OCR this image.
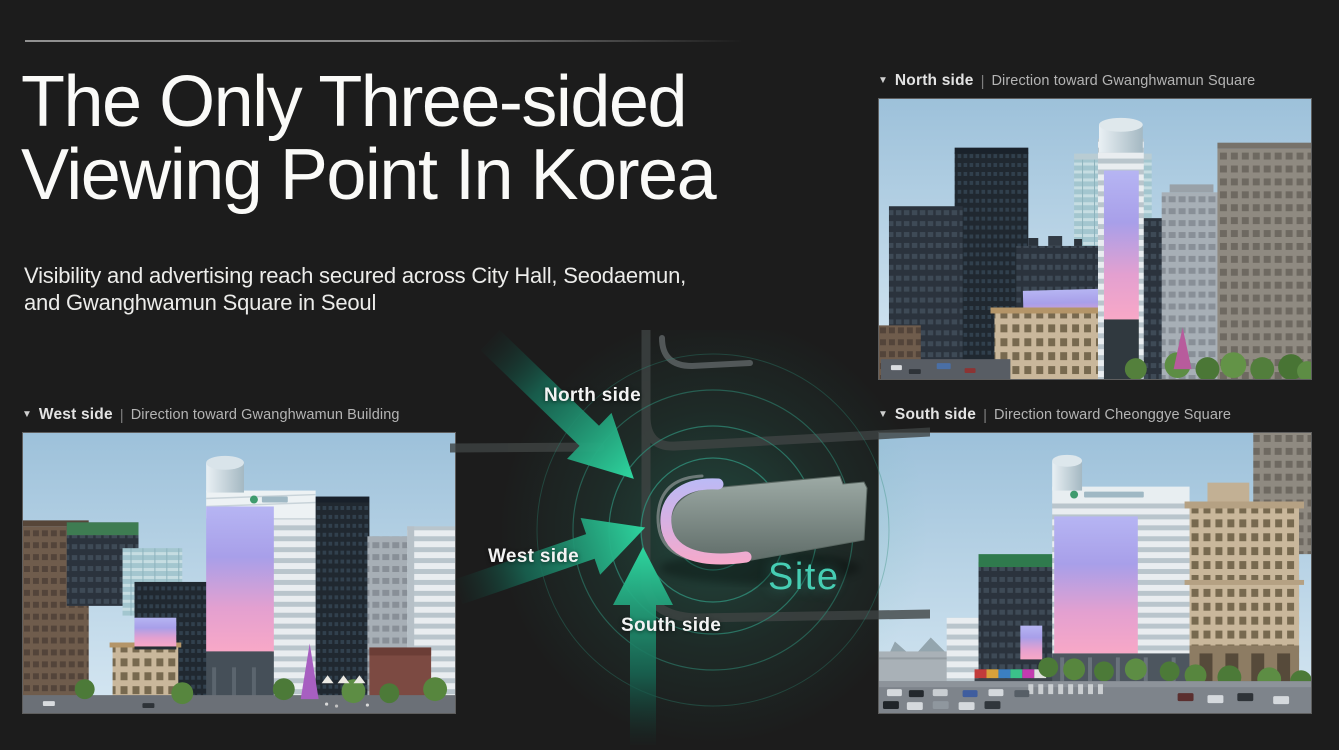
The Only Three-sided
Viewing Point In Korea

Visibility and advertising reach secured across City Hall, Seodaemun,
and Gwanghwamun Square in Seoul

▼ North side | Direction toward Gwanghwamun Square
▼ West side | Direction toward Gwanghwamun Building	South side | Direction toward Cheonggye Square
North side
West side
South side
Site
